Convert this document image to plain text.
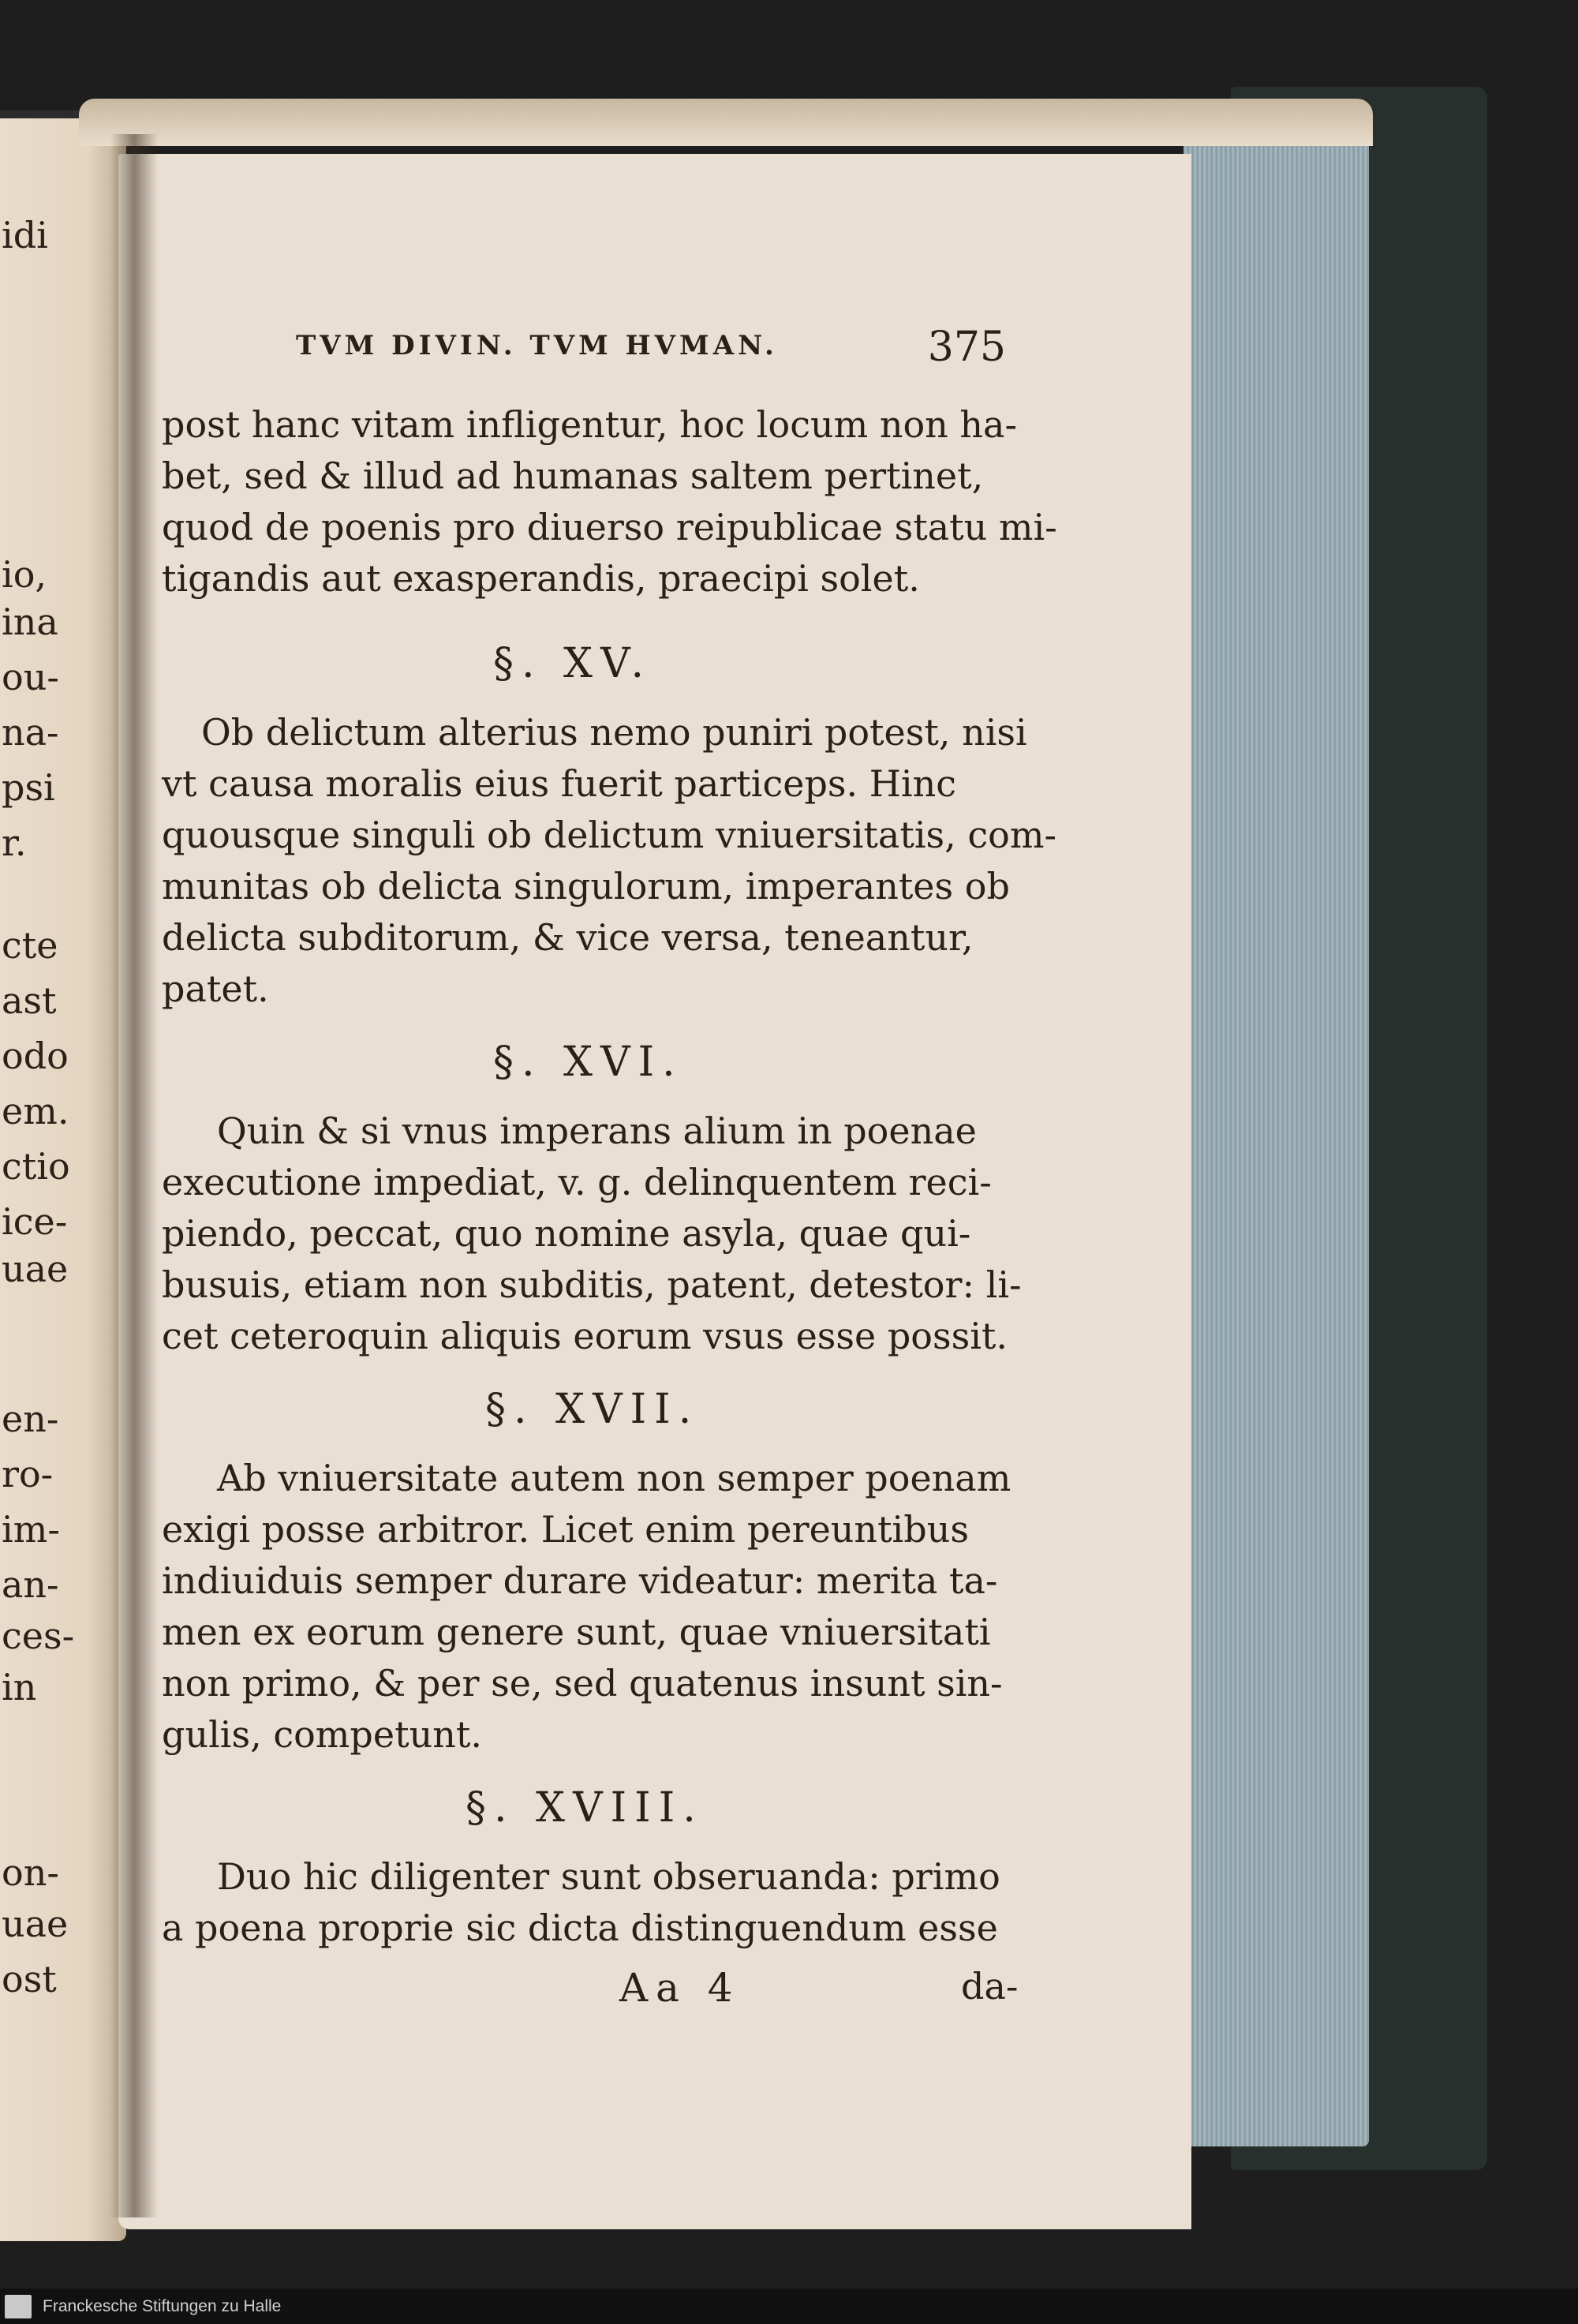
idi
io,
ina
ou-
na-
psi
r.
cte
ast
odo
em.
ctio
ice-
uae
en-
ro-
im-
an-
ces-
in
on-
uae
ost
TVM DIVIN. TVM HVMAN.	375
post hanc vitam infligentur, hoc locum non ha-
bet, sed & illud ad humanas saltem pertinet,
quod de poenis pro diuerso reipublicae statu mi-
tigandis aut exasperandis, praecipi solet.
§. XV.
Ob delictum alterius nemo puniri potest, nisi
vt causa moralis eius fuerit particeps. Hinc
quousque singuli ob delictum vniuersitatis, com-
munitas ob delicta singulorum, imperantes ob
delicta subditorum, & vice versa, teneantur,
patet.
§. XVI.
Quin & si vnus imperans alium in poenae
executione impediat, v. g. delinquentem reci-
piendo, peccat, quo nomine asyla, quae qui-
busuis, etiam non subditis, patent, detestor: li-
cet ceteroquin aliquis eorum vsus esse possit.
§. XVII.
Ab vniuersitate autem non semper poenam
exigi posse arbitror. Licet enim pereuntibus
indiuiduis semper durare videatur: merita ta-
men ex eorum genere sunt, quae vniuersitati
non primo, & per se, sed quatenus insunt sin-
gulis, competunt.
§. XVIII.
Duo hic diligenter sunt obseruanda: primo
a poena proprie sic dicta distinguendum esse
Aa 4	da-
Franckesche Stiftungen zu Halle
